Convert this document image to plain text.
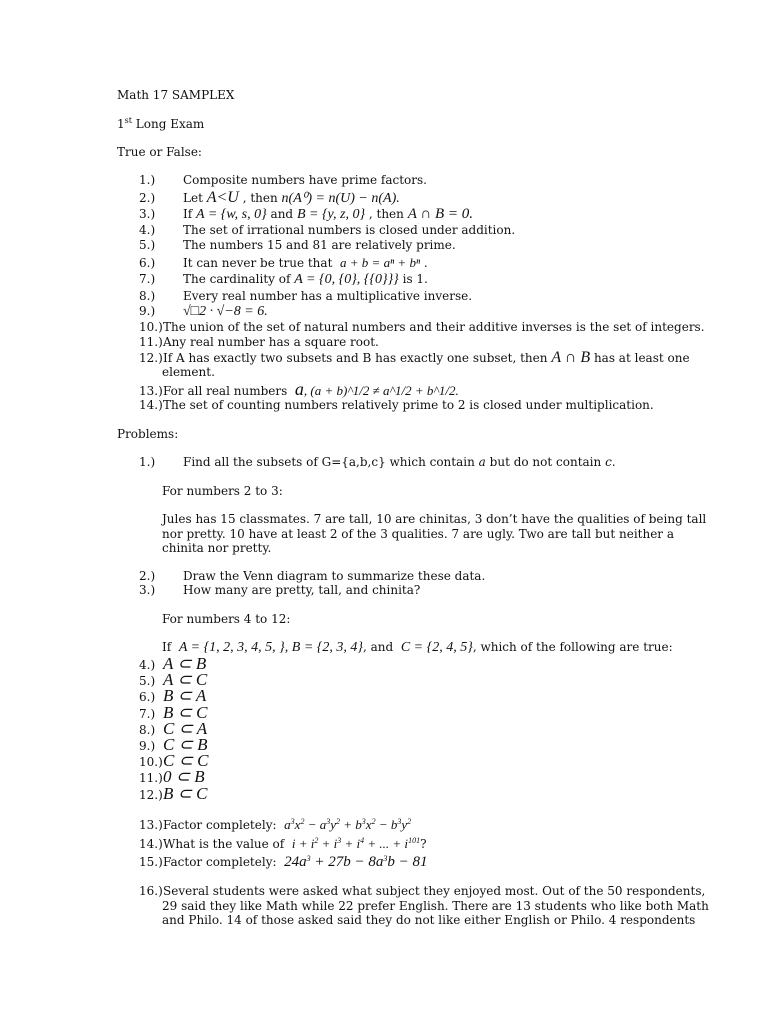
Math 17 SAMPLEX
1st Long Exam
True or False:
1.) Composite numbers have prime factors.
2.) Let A<U , then n(A⁰) = n(U) − n(A).
3.) If A = {w, s, 0} and B = {y, z, 0} , then A ∩ B = 0.
4.) The set of irrational numbers is closed under addition.
5.) The numbers 15 and 81 are relatively prime.
6.) It can never be true that a + b = aⁿ + bⁿ .
7.) The cardinality of A = {0, {0}, {{0}}} is 1.
8.) Every real number has a multiplicative inverse.
9.) √□2 · √−8 = 6.
10.)The union of the set of natural numbers and their additive inverses is the set of integers.
11.)Any real number has a square root.
12.)If A has exactly two subsets and B has exactly one subset, then A ∩ B has at least one
element.
13.)For all real numbers a, (a + b)^1/2 ≠ a^1/2 + b^1/2.
14.)The set of counting numbers relatively prime to 2 is closed under multiplication.
Problems:
1.) Find all the subsets of G={a,b,c} which contain a but do not contain c.
For numbers 2 to 3:
Jules has 15 classmates. 7 are tall, 10 are chinitas, 3 don’t have the qualities of being tall
nor pretty. 10 have at least 2 of the 3 qualities. 7 are ugly. Two are tall but neither a
chinita nor pretty.
2.) Draw the Venn diagram to summarize these data.
3.) How many are pretty, tall, and chinita?
For numbers 4 to 12:
If A = {1, 2, 3, 4, 5, }, B = {2, 3, 4}, and C = {2, 4, 5}, which of the following are true:
4.) A ⊂ B
5.) A ⊂ C
6.) B ⊂ A
7.) B ⊂ C
8.) C ⊂ A
9.) C ⊂ B
10.)C ⊂ C
11.)0 ⊂ B
12.)B ⊂ C
13.)Factor completely: $a^3x^2 - a^3y^2 + b^3x^2 - b^3y^2$
14.)What is the value of $i + i^2 + i^3 + i^4$ + ... + $i^{101}$?
15.)Factor completely: $24a^3 + 27b - 8a^3b - 81$
16.)Several students were asked what subject they enjoyed most. Out of the 50 respondents,
29 said they like Math while 22 prefer English. There are 13 students who like both Math
and Philo. 14 of those asked said they do not like either English or Philo. 4 respondents
